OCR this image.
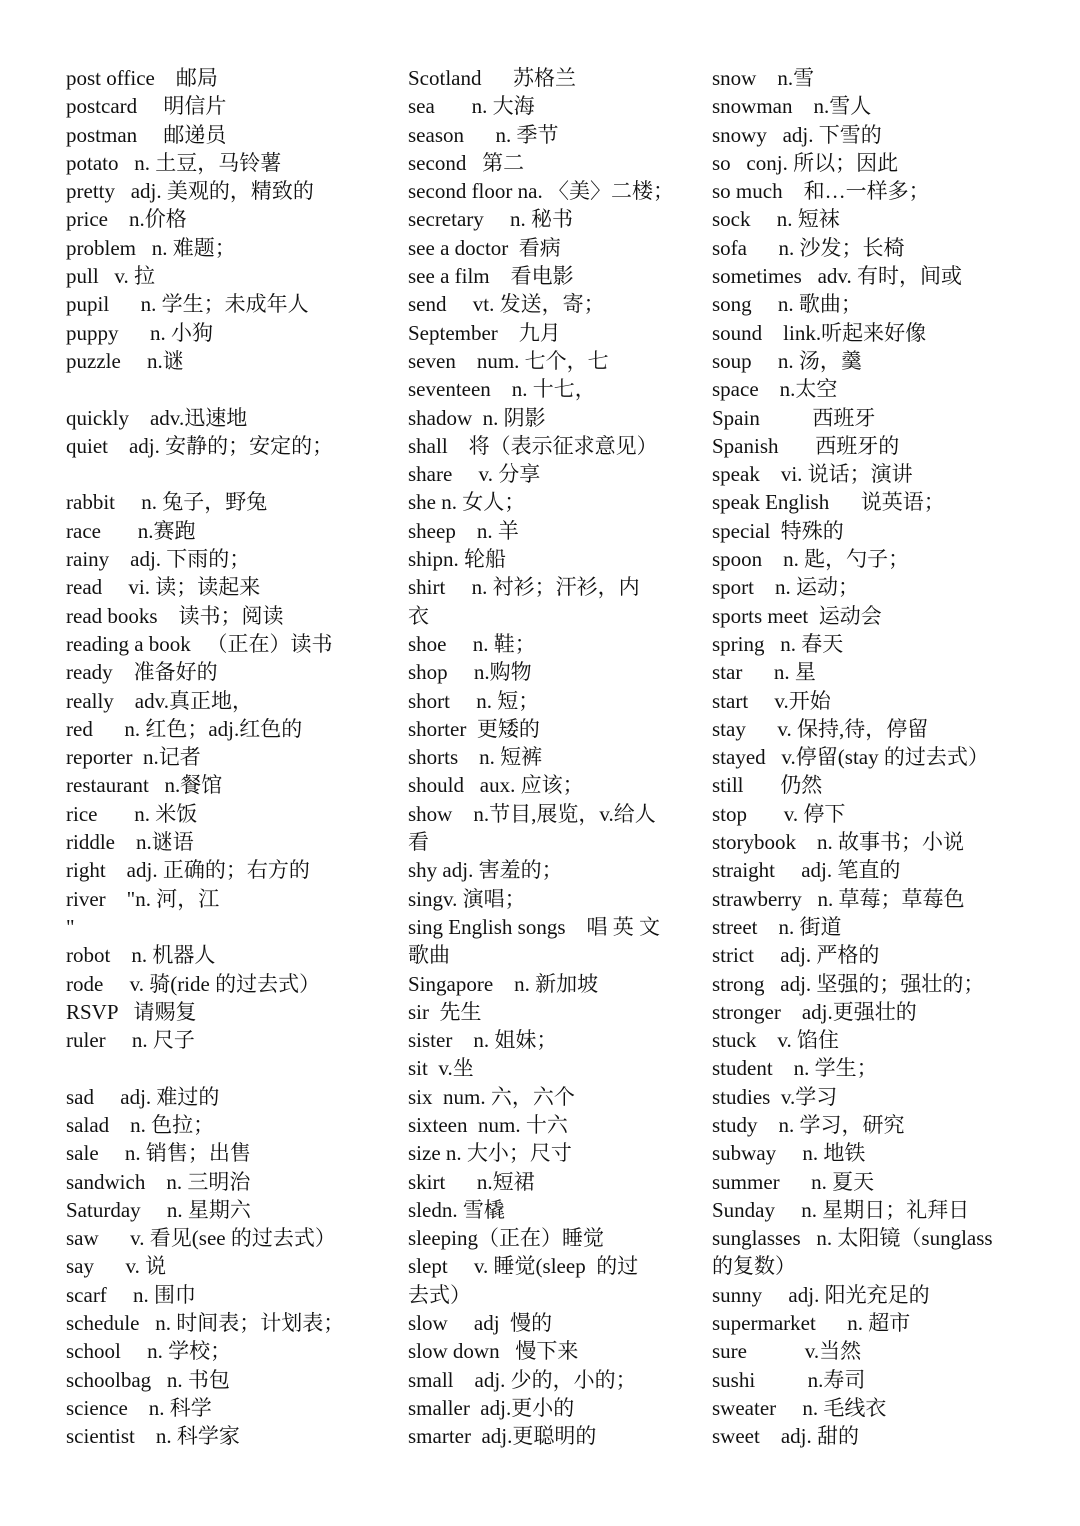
post office    邮局
postcard     明信片
postman     邮递员
potato   n. 土豆，马铃薯
pretty   adj. 美观的，精致的
price    n.价格
problem   n. 难题；
pull   v. 拉
pupil      n. 学生；未成年人
puppy      n. 小狗
puzzle     n.谜
quickly    adv.迅速地
quiet    adj. 安静的；安定的；
rabbit     n. 兔子，野兔
race       n.赛跑
rainy    adj. 下雨的；
read     vi. 读；读起来
read books    读书；阅读
reading a book   （正在）读书
ready    准备好的
really    adv.真正地，
red      n. 红色；adj.红色的
reporter  n.记者
restaurant   n.餐馆
rice       n. 米饭
riddle    n.谜语
right    adj. 正确的；右方的
river    "n. 河，江
"
robot    n. 机器人
rode     v. 骑(ride 的过去式）
RSVP   请赐复
ruler     n. 尺子
sad     adj. 难过的
salad    n. 色拉；
sale     n. 销售；出售
sandwich    n. 三明治
Saturday     n. 星期六
saw      v. 看见(see 的过去式）
say      v. 说
scarf     n. 围巾
schedule   n. 时间表；计划表；
school     n. 学校；
schoolbag   n. 书包
science    n. 科学
scientist    n. 科学家
Scotland      苏格兰
sea       n. 大海
season      n. 季节
second   第二
second floor na. 〈美〉二楼；
secretary     n. 秘书
see a doctor  看病
see a film    看电影
send     vt. 发送，寄；
September    九月
seven    num. 七个，七
seventeen    n. 十七，
shadow  n. 阴影
shall    将（表示征求意见）
share     v. 分享
she n. 女人；
sheep    n. 羊
shipn. 轮船
shirt     n. 衬衫；汗衫，内
衣
shoe     n. 鞋；
shop     n.购物
short     n. 短；
shorter  更矮的
shorts    n. 短裤
should   aux. 应该；
show    n.节目,展览，v.给人
看
shy adj. 害羞的；
singv. 演唱；
sing English songs    唱 英 文
歌曲
Singapore    n. 新加坡
sir  先生
sister    n. 姐妹；
sit  v.坐
six  num. 六，六个
sixteen  num. 十六
size n. 大小；尺寸
skirt      n.短裙
sledn. 雪橇
sleeping（正在）睡觉
slept     v. 睡觉(sleep  的过
去式）
slow     adj  慢的
slow down   慢下来
small    adj. 少的，小的；
smaller  adj.更小的
smarter  adj.更聪明的
snow    n.雪
snowman    n.雪人
snowy   adj. 下雪的
so   conj. 所以；因此
so much    和…一样多；
sock     n. 短袜
sofa      n. 沙发；长椅
sometimes   adv. 有时，间或
song     n. 歌曲；
sound    link.听起来好像
soup     n. 汤，羹
space    n.太空
Spain          西班牙
Spanish       西班牙的
speak    vi. 说话；演讲
speak English      说英语；
special  特殊的
spoon    n. 匙，勺子；
sport    n. 运动；
sports meet  运动会
spring   n. 春天
star      n. 星
start     v.开始
stay      v. 保持,待，停留
stayed   v.停留(stay 的过去式）
still       仍然
stop       v. 停下
storybook    n. 故事书；小说
straight     adj. 笔直的
strawberry   n. 草莓；草莓色
street    n. 街道
strict     adj. 严格的
strong   adj. 坚强的；强壮的；
stronger    adj.更强壮的
stuck    v. 馅住
student    n. 学生；
studies  v.学习
study    n. 学习，研究
subway     n. 地铁
summer      n. 夏天
Sunday     n. 星期日；礼拜日
sunglasses   n. 太阳镜（sunglass
的复数）
sunny     adj. 阳光充足的
supermarket      n. 超市
sure           v.当然
sushi          n.寿司
sweater     n. 毛线衣
sweet    adj. 甜的
